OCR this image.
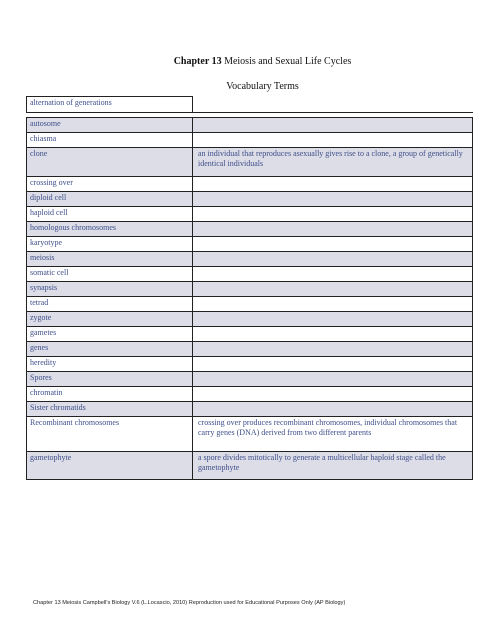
Chapter 13 Meiosis and Sexual Life Cycles
Vocabulary Terms
alternation of generations	

autosome	
chiasma	
clone	an individual that reproduces asexually gives rise to a clone, a group of genetically identical individuals
crossing over	
diploid cell	
haploid cell	
homologous chromosomes	
karyotype	
meiosis	
somatic cell	
synapsis	
tetrad	
zygote	
gametes	
genes	
heredity	
Spores	
chromatin	
Sister chromatids	
Recombinant chromosomes	crossing over produces recombinant chromosomes, individual chromosomes that carry genes (DNA) derived from two different parents
gametophyte	a spore divides mitotically to generate a multicellular haploid stage called the gametophyte
Chapter 13 Meiosis Campbell's Biology V.6 (L.Locascio, 2010) Reproduction used for Educational Purposes Only (AP Biology)
